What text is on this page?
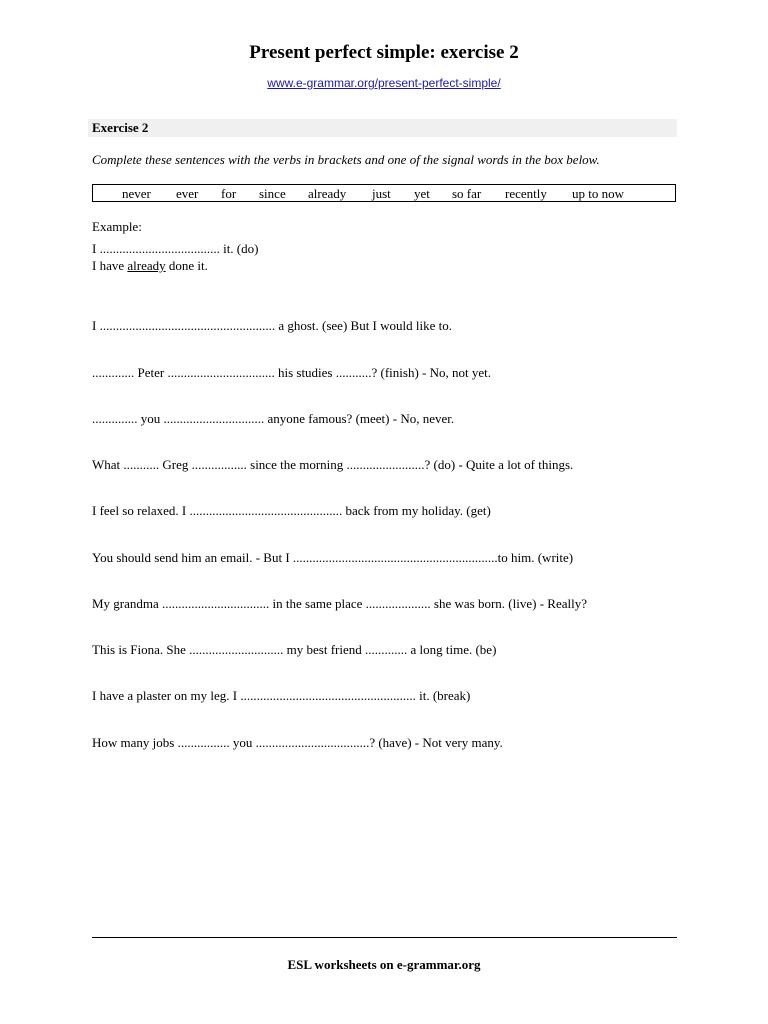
Present perfect simple: exercise 2
www.e-grammar.org/present-perfect-simple/
Exercise 2
Complete these sentences with the verbs in brackets and one of the signal words in the box below.
never ever for since already just yet so far recently up to now
Example:
I ..................................... it. (do)
I have already done it.
I ...................................................... a ghost. (see) But I would like to.
............. Peter ................................. his studies ...........? (finish) - No, not yet.
.............. you ............................... anyone famous? (meet) - No, never.
What ........... Greg ................. since the morning ........................? (do) - Quite a lot of things.
I feel so relaxed. I ............................................... back from my holiday. (get)
You should send him an email. - But I ...............................................................to him. (write)
My grandma ................................. in the same place .................... she was born. (live) - Really?
This is Fiona. She ............................. my best friend ............. a long time. (be)
I have a plaster on my leg. I ...................................................... it. (break)
How many jobs ................ you ...................................? (have) - Not very many.
ESL worksheets on e-grammar.org
